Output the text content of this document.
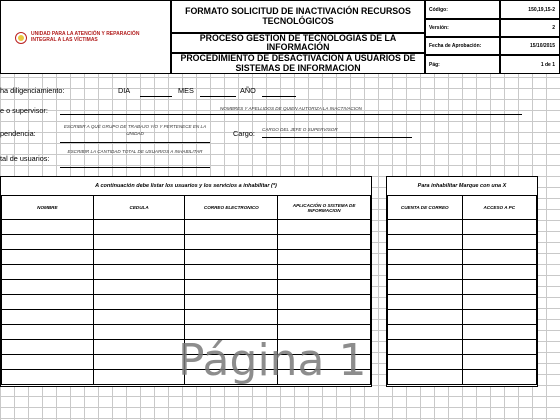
UNIDAD PARA LA ATENCIÓN Y REPARACIÓN INTEGRAL A LAS VÍCTIMAS
FORMATO SOLICITUD DE INACTIVACIÓN RECURSOS TECNOLÓGICOS
PROCESO GESTION DE TECNOLOGIAS DE LA INFORMACIÓN
PROCEDIMIENTO DE DESACTIVACION A USUARIOS DE SISTEMAS DE INFORMACION
Código:	150,19,15-2
Versión:	2
Fecha de Aprobación:	15/10/2015
Pág:	1 de 1
ha diligenciamiento:	DIA	MES	AÑO
e o supervisor:	NOMBRES Y APELLIDOS DE QUIEN AUTORIZA LA INACTIVACION
pendencia:
ESCRIBIR A QUÉ GRUPO DE TRABAJO Y/O Y PERTENECE EN LA UNIDAD	Cargo: CARGO DEL JEFE O SUPERVISOR
tal de usuarios:
ESCRIBIR LA CANTIDAD TOTAL DE USUARIOS A INHABILITAR
A continuación debe listar los usuarios y los servicios a inhabilitar (*)
NOMBRE	CEDULA	CORREO ELECTRONICO	APLICACIÓN O SISTEMA DE INFORMACION

Para inhabilitar Marque con una X
CUENTA DE CORREO	ACCESO A PC

Página 1
